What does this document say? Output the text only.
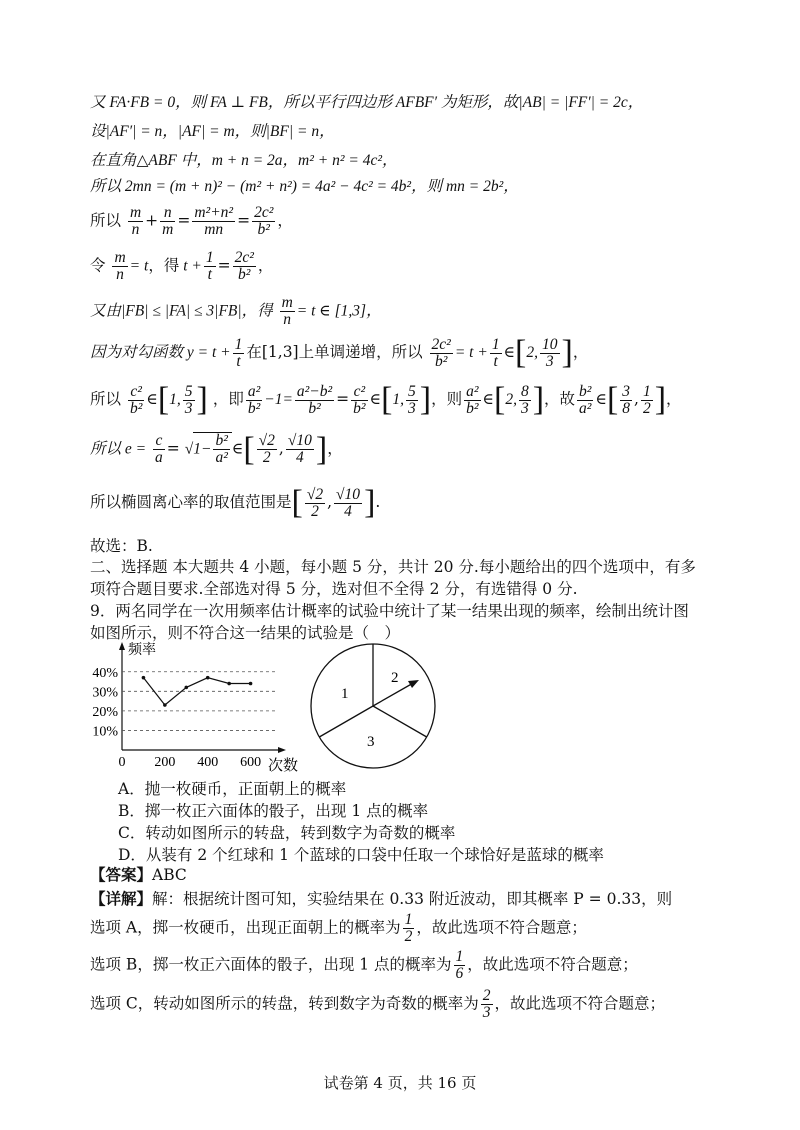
又 FA·FB = 0，则 FA ⊥ FB，所以平行四边形 AFBF′ 为矩形，故|AB| = |FF′| = 2c，
设|AF′| = n，|AF| = m，则|BF| = n，
在直角△ABF 中，m + n = 2a，m² + n² = 4c²，
所以 2mn = (m + n)² − (m² + n²) = 4a² − 4c² = 4b²，则 mn = 2b²，
所以 $\frac{m}{n} + \frac{n}{m} = \frac{\text{m²+n²}}{mn} = \frac{\text{2c²}}{\text{b²}}$ ，
令 $\frac{m}{n} = t$，得 $t + \frac{1}{t} = \frac{\text{2c²}}{\text{b²}}$ ，
又由|FB| ≤ |FA| ≤ 3|FB|，得 $\frac{m}{n} = t$ ∈ [1,3]，
因为对勾函数 $y = t + \frac{1}{t}$ 在[1,3]上单调递增，所以 $\frac{\text{2c²}}{\text{b²}} = t + \frac{1}{t}$ ∈[2, $\frac{10}{3}$ ]，
所以 $\frac{\text{c²}}{\text{b²}}$ ∈[1, $\frac{5}{3}$ ] ，即 $\frac{\text{a²}}{\text{b²}} -1= \frac{\text{a²−b²}}{\text{b²}} = \frac{\text{c²}}{\text{b²}}$ ∈[1, $\frac{5}{3}$ ]，则 $\frac{\text{a²}}{\text{b²}}$ ∈[2, $\frac{8}{3}$ ]，故 $\frac{\text{b²}}{\text{a²}}$ ∈[ $\frac{3}{8}$ , $\frac{1}{2}$ ]，
所以 $e = \frac{c}{a} = √1- \frac{\text{b²}}{\text{a²}}$ ∈[ $\frac{√2}{2}$ , $\frac{√10}{4}$ ]，
所以椭圆离心率的取值范围是[ $\frac{√2}{2}$ , $\frac{√10}{4}$ ].
故选：B.
二、选择题 本大题共 4 小题，每小题 5 分，共计 20 分.每小题给出的四个选项中，有多
项符合题目要求.全部选对得 5 分，选对但不全得 2 分，有选错得 0 分.
9．两名同学在一次用频率估计概率的试验中统计了某一结果出现的频率，绘制出统计图
如图所示，则不符合这一结果的试验是（　）
40%
30%
20%
10%
0 200 400 600
频率
次数
1
2
3
A．抛一枚硬币，正面朝上的概率
B．掷一枚正六面体的骰子，出现 1 点的概率
C．转动如图所示的转盘，转到数字为奇数的概率
D．从装有 2 个红球和 1 个蓝球的口袋中任取一个球恰好是蓝球的概率
【答案】ABC
【详解】解：根据统计图可知，实验结果在 0.33 附近波动，即其概率 P = 0.33，则
选项 A，掷一枚硬币，出现正面朝上的概率为 $\frac{1}{2}$ ，故此选项不符合题意；
选项 B，掷一枚正六面体的骰子，出现 1 点的概率为 $\frac{1}{6}$ ，故此选项不符合题意；
选项 C，转动如图所示的转盘，转到数字为奇数的概率为 $\frac{2}{3}$ ，故此选项不符合题意；
试卷第 4 页，共 16 页
